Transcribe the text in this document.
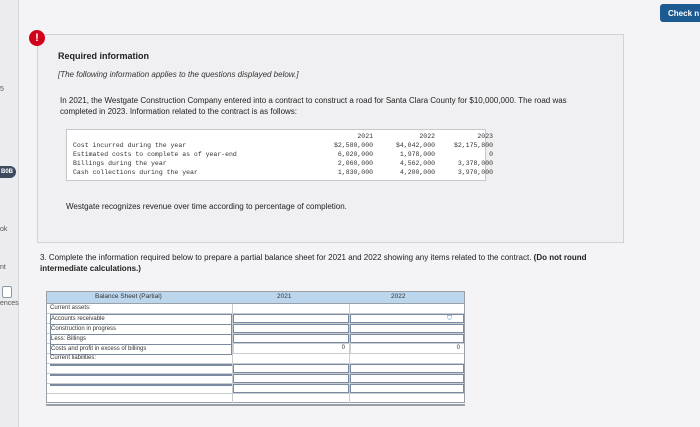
5
B0B
ok
nt
ences
Check n
Required information
[The following information applies to the questions displayed below.]
In 2021, the Westgate Construction Company entered into a contract to construct a road for Santa Clara County for $10,000,000. The road was completed in 2023. Information related to the contract is as follows:
2021	2022	2023
Cost incurred during the year	$2,580,000	$4,042,000	$2,175,800
Estimated costs to complete as of year-end	6,020,000	1,978,000	0
Billings during the year	2,060,000	4,562,000	3,378,000
Cash collections during the year	1,830,000	4,200,000	3,970,000
Westgate recognizes revenue over time according to percentage of completion.
!
3. Complete the information required below to prepare a partial balance sheet for 2021 and 2022 showing any items related to the contract. (Do not round intermediate calculations.)
Balance Sheet (Partial)	2021	2022
Current assets:
Accounts receivable	⛉
Construction in progress
Less: Billings
Costs and profit in excess of billings	0	0
Current liabilities:
